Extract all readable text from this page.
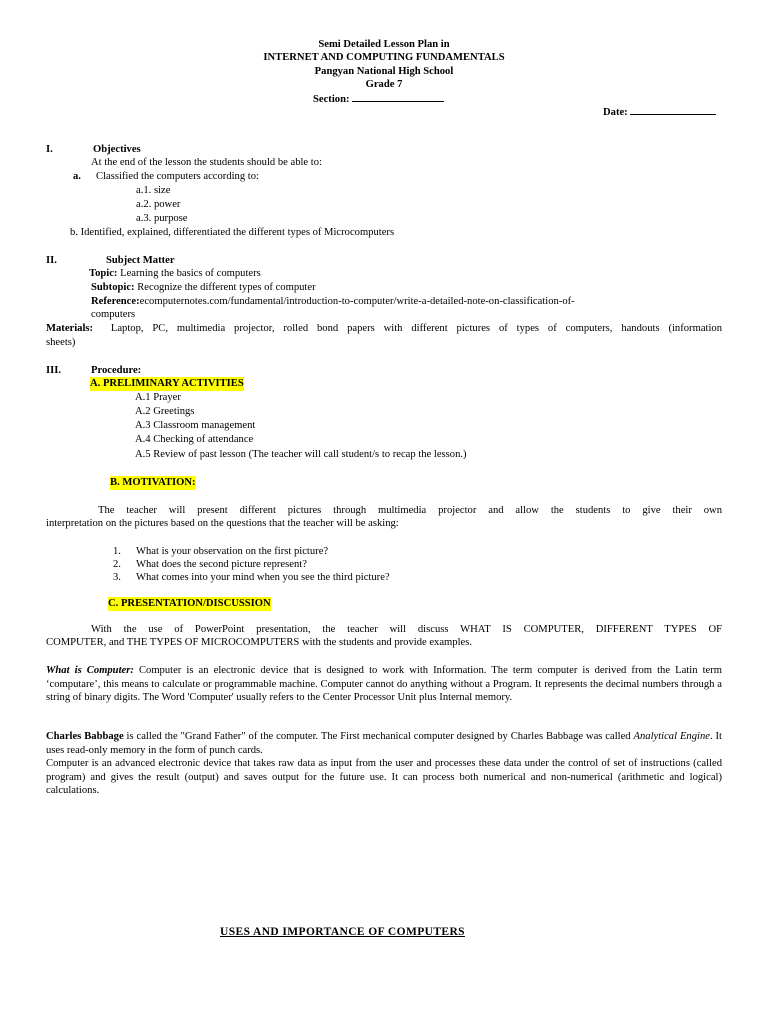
Semi Detailed Lesson Plan in
INTERNET AND COMPUTING FUNDAMENTALS
Pangyan National High School
Grade 7
Section:
Date:
I.	Objectives
At the end of the lesson the students should be able to:
a. Classified the computers according to:
a.1. size
a.2. power
a.3. purpose
b. Identified, explained, differentiated the different types of Microcomputers
II.	Subject Matter
Topic: Learning the basics of computers
Subtopic: Recognize the different types of computer
Reference:ecomputernotes.com/fundamental/introduction-to-computer/write-a-detailed-note-on-classification-of-
computers
Materials: Laptop, PC, multimedia projector, rolled bond papers with different pictures of types of computers, handouts (information
sheets)
III.	Procedure:
A. PRELIMINARY ACTIVITIES
A.1 Prayer
A.2 Greetings
A.3 Classroom management
A.4 Checking of attendance
A.5 Review of past lesson (The teacher will call student/s to recap the lesson.)
B. MOTIVATION:
The teacher will present different pictures through multimedia projector and allow the students to give their own
interpretation on the pictures based on the questions that the teacher will be asking:
1. What is your observation on the first picture?
2. What does the second picture represent?
3. What comes into your mind when you see the third picture?
C. PRESENTATION/DISCUSSION
With the use of PowerPoint presentation, the teacher will discuss WHAT IS COMPUTER, DIFFERENT TYPES OF
COMPUTER, and THE TYPES OF MICROCOMPUTERS with the students and provide examples.
What is Computer: Computer is an electronic device that is designed to work with Information. The term computer is derived from the Latin term ‘computare’, this means to calculate or programmable machine. Computer cannot do anything without a Program. It represents the decimal numbers through a string of binary digits. The Word 'Computer' usually refers to the Center Processor Unit plus Internal memory.
Charles Babbage is called the "Grand Father" of the computer. The First mechanical computer designed by Charles Babbage was called Analytical Engine. It uses read-only memory in the form of punch cards.
Computer is an advanced electronic device that takes raw data as input from the user and processes these data under the control of set of instructions (called program) and gives the result (output) and saves output for the future use. It can process both numerical and non-numerical (arithmetic and logical) calculations.
USES AND IMPORTANCE OF COMPUTERS
